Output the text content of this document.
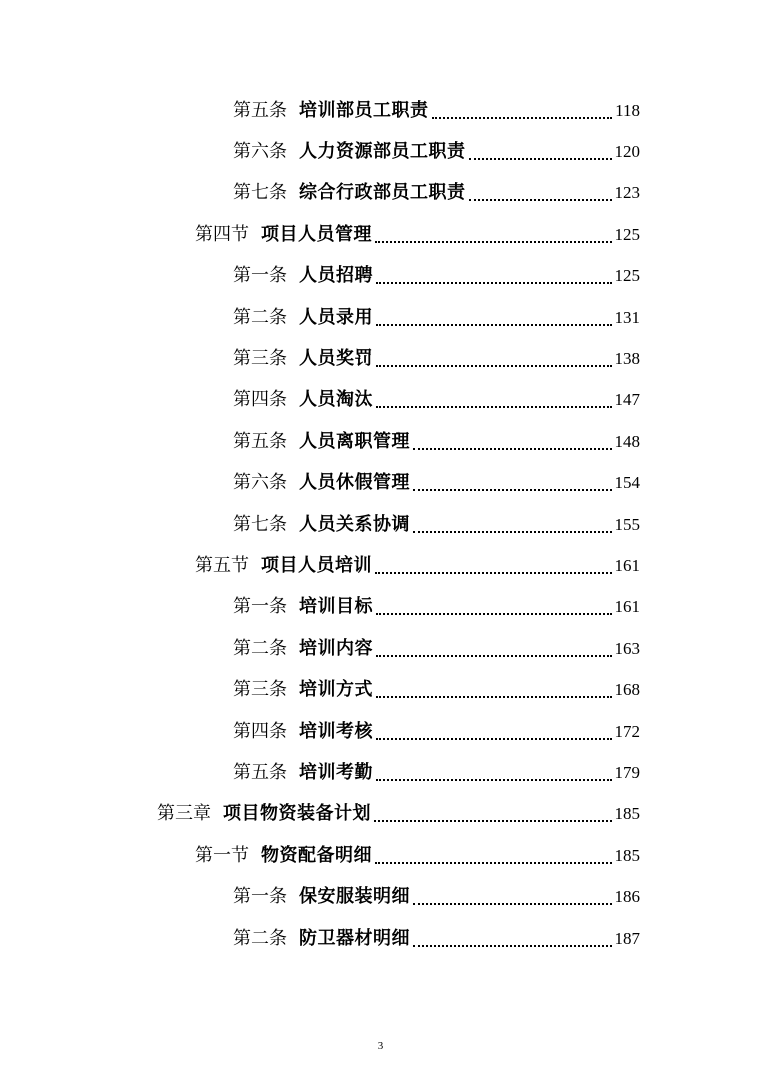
第五条 培训部员工职责	118
第六条 人力资源部员工职责	120
第七条 综合行政部员工职责	123
第四节 项目人员管理	125
第一条 人员招聘	125
第二条 人员录用	131
第三条 人员奖罚	138
第四条 人员淘汰	147
第五条 人员离职管理	148
第六条 人员休假管理	154
第七条 人员关系协调	155
第五节 项目人员培训	161
第一条 培训目标	161
第二条 培训内容	163
第三条 培训方式	168
第四条 培训考核	172
第五条 培训考勤	179
第三章 项目物资装备计划	185
第一节 物资配备明细	185
第一条 保安服装明细	186
第二条 防卫器材明细	187
3
